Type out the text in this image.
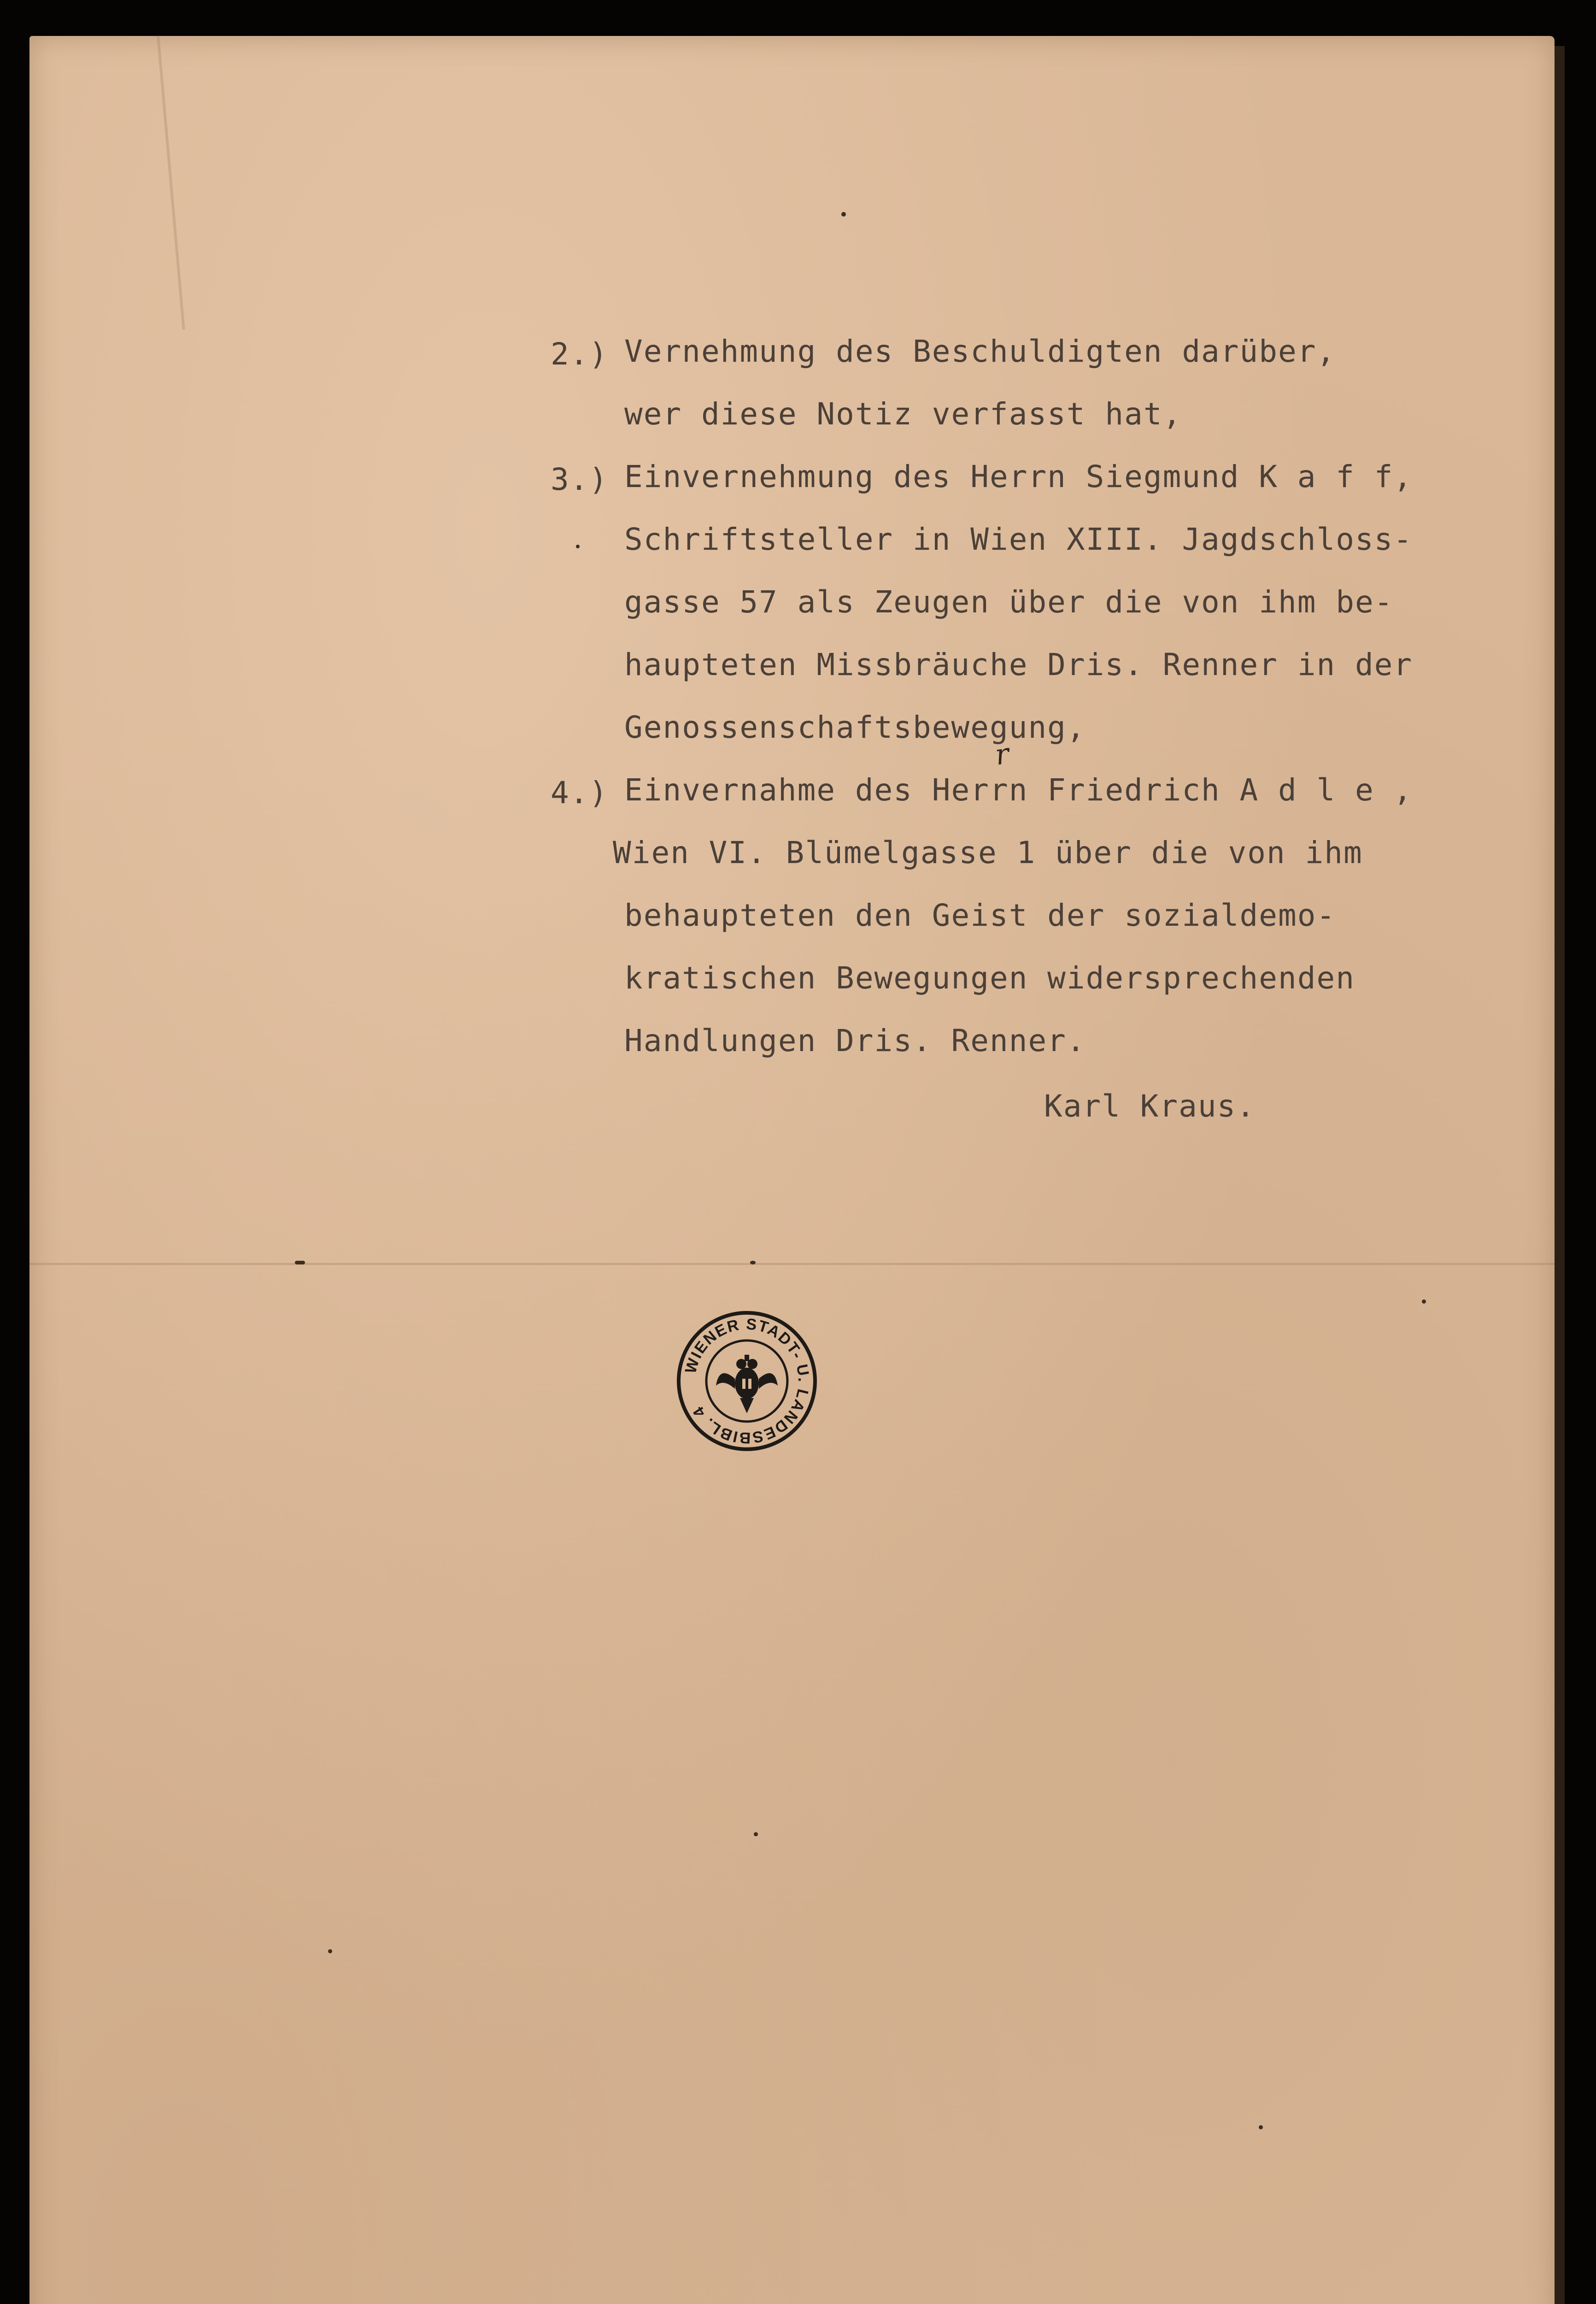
2.) Vernehmung des Beschuldigten darüber,
wer diese Notiz verfasst hat,
3.) Einvernehmung des Herrn Siegmund K a f f,
Schriftsteller in Wien XIII. Jagdschloss-
gasse 57 als Zeugen über die von ihm be-
haupteten Missbräuche Dris. Renner in der
Genossenschaftsbewegung,
4.) Einvernahme des Herrn Friedrich A d l e ,
Wien VI. Blümelgasse 1 über die von ihm
behaupteten den Geist der sozialdemo-
kratischen Bewegungen widersprechenden
Handlungen Dris. Renner.
Karl Kraus.
r
WIENER STADT- U. LANDESBIBL. 4
